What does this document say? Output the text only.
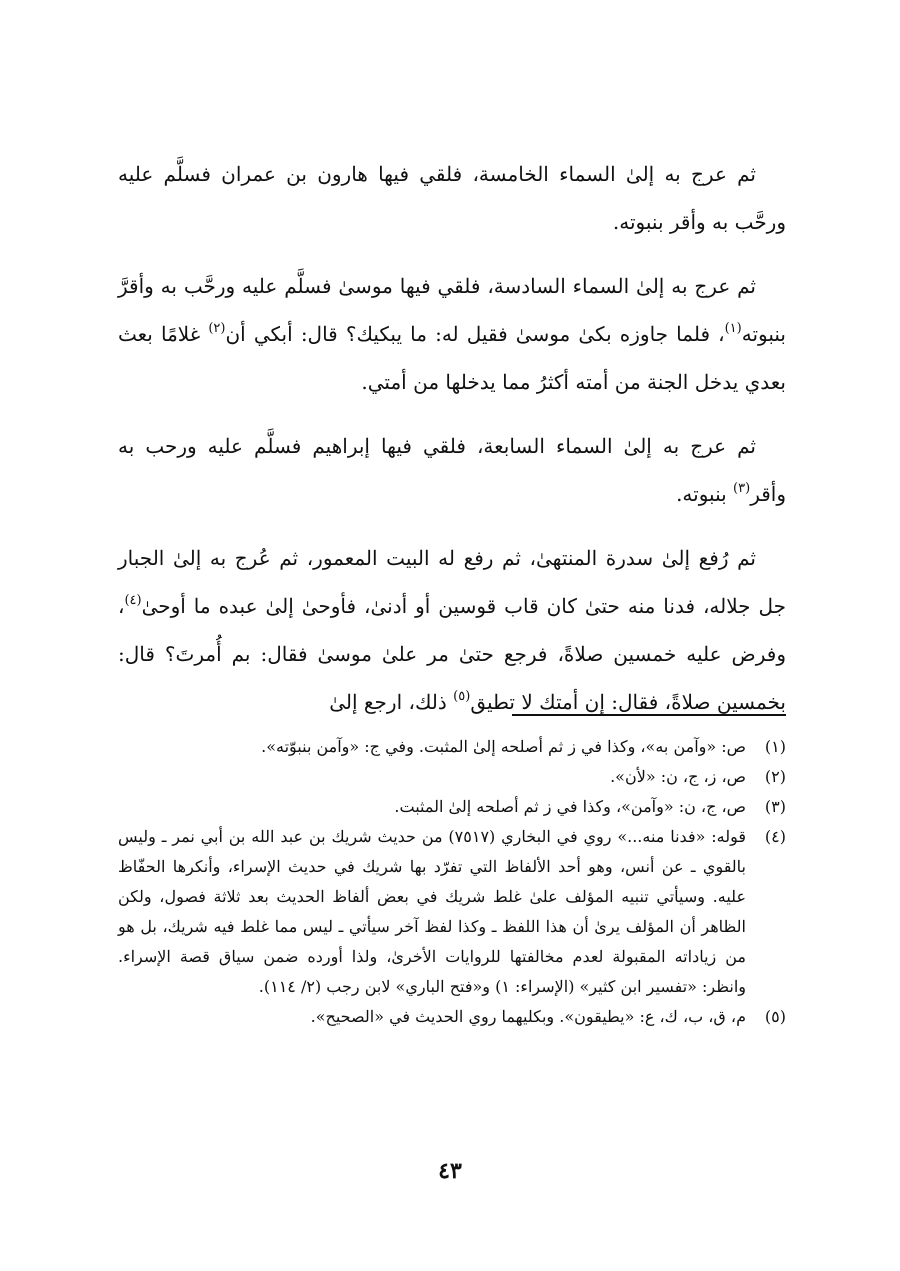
ثم عرج به إلىٰ السماء الخامسة، فلقي فيها هارون بن عمران فسلَّم عليه ورحَّب به وأقر بنبوته.

ثم عرج به إلىٰ السماء السادسة، فلقي فيها موسىٰ فسلَّم عليه ورحَّب به وأقرَّ بنبوته$^{(١)}$، فلما جاوزه بكىٰ موسىٰ فقيل له: ما يبكيك؟ قال: أبكي أن$^{(٢)}$ غلامًا بعث بعدي يدخل الجنة من أمته أكثرُ مما يدخلها من أمتي.

ثم عرج به إلىٰ السماء السابعة، فلقي فيها إبراهيم فسلَّم عليه ورحب به وأقر$^{(٣)}$ بنبوته.

ثم رُفع إلىٰ سدرة المنتهىٰ، ثم رفع له البيت المعمور، ثم عُرج به إلىٰ الجبار جل جلاله، فدنا منه حتىٰ كان قاب قوسين أو أدنىٰ، فأوحىٰ إلىٰ عبده ما أوحىٰ$^{(٤)}$، وفرض عليه خمسين صلاةً، فرجع حتىٰ مر علىٰ موسىٰ فقال: بم أُمرتَ؟ قال: بخمسين صلاةً، فقال: إن أمتك لا تطيق$^{(٥)}$ ذلك، ارجع إلىٰ

(١)
ص: «وآمن به»، وكذا في ز ثم أصلحه إلىٰ المثبت. وفي ج: «وآمن بنبوّته».
(٢)
ص، ز، ج، ن: «لأن».
(٣)
ص، ج، ن: «وآمن»، وكذا في ز ثم أصلحه إلىٰ المثبت.
(٤)
قوله: «فدنا منه...» روي في البخاري (٧٥١٧) من حديث شريك بن عبد الله بن أبي نمر ـ وليس بالقوي ـ عن أنس، وهو أحد الألفاظ التي تفرّد بها شريك في حديث الإسراء، وأنكرها الحفّاظ عليه. وسيأتي تنبيه المؤلف علىٰ غلط شريك في بعض ألفاظ الحديث بعد ثلاثة فصول، ولكن الظاهر أن المؤلف يرىٰ أن هذا اللفظ ـ وكذا لفظ آخر سيأتي ـ ليس مما غلط فيه شريك، بل هو من زياداته المقبولة لعدم مخالفتها للروايات الأخرىٰ، ولذا أورده ضمن سياق قصة الإسراء. وانظر: «تفسير ابن كثير» (الإسراء: ١) و«فتح الباري» لابن رجب (٢/ ١١٤).
(٥)
م، ق، ب، ك، ع: «يطيقون». وبكليهما روي الحديث في «الصحيح».
٤٣
